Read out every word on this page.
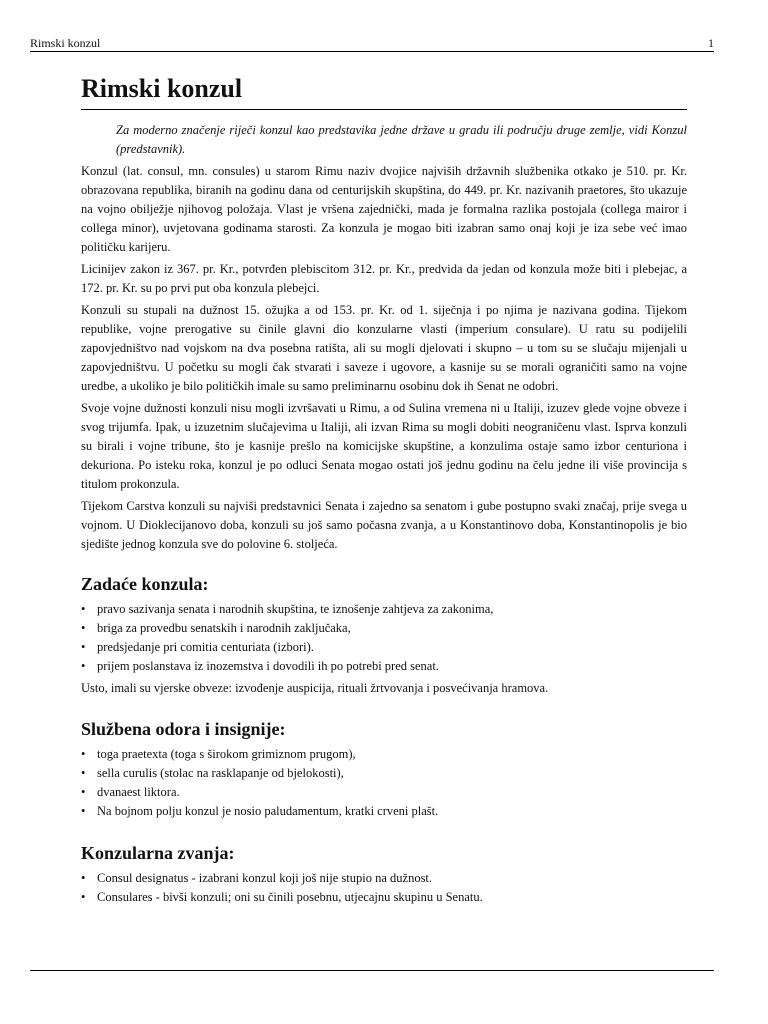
Rimski konzul	1
Rimski konzul
Za moderno značenje riječi konzul kao predstavika jedne države u gradu ili području druge zemlje, vidi Konzul (predstavnik).

Konzul (lat. consul, mn. consules) u starom Rimu naziv dvojice najviših državnih službenika otkako je 510. pr. Kr. obrazovana republika, biranih na godinu dana od centurijskih skupština, do 449. pr. Kr. nazivanih praetores, što ukazuje na vojno obilježje njihovog položaja. Vlast je vršena zajednički, mada je formalna razlika postojala (collega mairor i collega minor), uvjetovana godinama starosti. Za konzula je mogao biti izabran samo onaj koji je iza sebe već imao političku karijeru.

Licinijev zakon iz 367. pr. Kr., potvrđen plebiscitom 312. pr. Kr., predvida da jedan od konzula može biti i plebejac, a 172. pr. Kr. su po prvi put oba konzula plebejci.

Konzuli su stupali na dužnost 15. ožujka a od 153. pr. Kr. od 1. siječnja i po njima je nazivana godina. Tijekom republike, vojne prerogative su činile glavni dio konzularne vlasti (imperium consulare). U ratu su podijelili zapovjedništvo nad vojskom na dva posebna ratišta, ali su mogli djelovati i skupno – u tom su se slučaju mijenjali u zapovjedništvu. U početku su mogli čak stvarati i saveze i ugovore, a kasnije su se morali ograničiti samo na vojne uredbe, a ukoliko je bilo političkih imale su samo preliminarnu osobinu dok ih Senat ne odobri.

Svoje vojne dužnosti konzuli nisu mogli izvršavati u Rimu, a od Sulina vremena ni u Italiji, izuzev glede vojne obveze i svog trijumfa. Ipak, u izuzetnim slučajevima u Italiji, ali izvan Rima su mogli dobiti neograničenu vlast. Isprva konzuli su birali i vojne tribune, što je kasnije prešlo na komicijske skupštine, a konzulima ostaje samo izbor centuriona i dekuriona. Po isteku roka, konzul je po odluci Senata mogao ostati još jednu godinu na čelu jedne ili više provincija s titulom prokonzula.

Tijekom Carstva konzuli su najviši predstavnici Senata i zajedno sa senatom i gube postupno svaki značaj, prije svega u vojnom. U Dioklecijanovo doba, konzuli su još samo počasna zvanja, a u Konstantinovo doba, Konstantinopolis je bio sjedište jednog konzula sve do polovine 6. stoljeća.

Zadaće konzula:
• pravo sazivanja senata i narodnih skupština, te iznošenje zahtjeva za zakonima,
• briga za provedbu senatskih i narodnih zaključaka,
• predsjedanje pri comitia centuriata (izbori).
• prijem poslanstava iz inozemstva i dovodili ih po potrebi pred senat.

Usto, imali su vjerske obveze: izvođenje auspicija, rituali žrtvovanja i posvećivanja hramova.

Službena odora i insignije:
• toga praetexta (toga s širokom grimiznom prugom),
• sella curulis (stolac na rasklapanje od bjelokosti),
• dvanaest liktora.
• Na bojnom polju konzul je nosio paludamentum, kratki crveni plašt.
Konzularna zvanja:
• Consul designatus - izabrani konzul koji još nije stupio na dužnost.
• Consulares - bivši konzuli; oni su činili posebnu, utjecajnu skupinu u Senatu.
